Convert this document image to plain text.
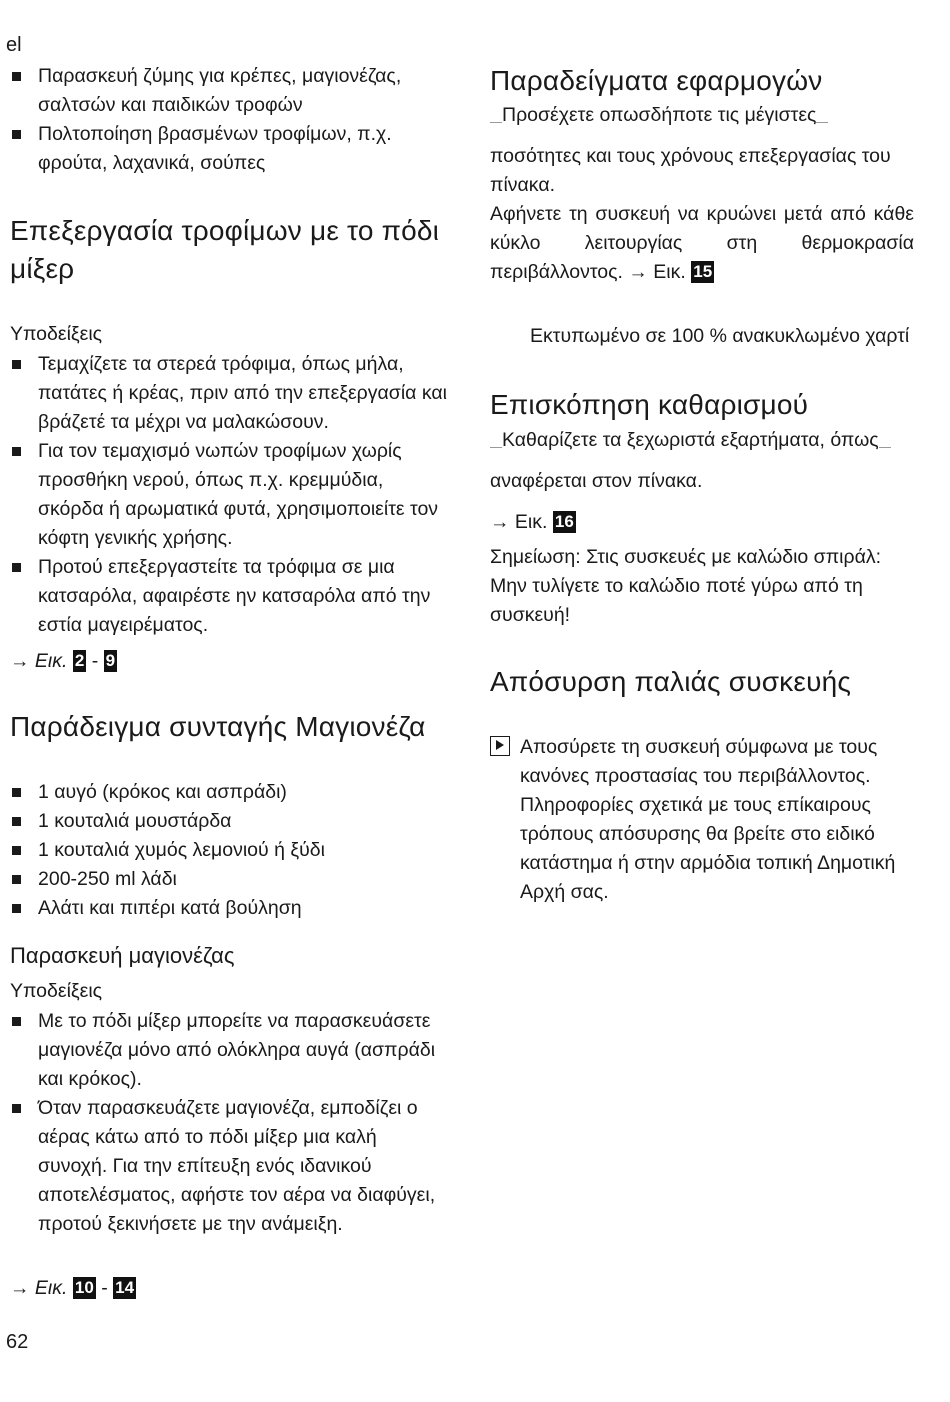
el
Παρασκευή ζύμης για κρέπες, μαγιονέζας, σαλτσών και παιδικών τροφών
Πολτοποίηση βρασμένων τροφίμων, π.χ. φρούτα, λαχανικά, σούπες
Επεξεργασία τροφίμων με το πόδι μίξερ
Υποδείξεις
Τεμαχίζετε τα στερεά τρόφιμα, όπως μήλα, πατάτες ή κρέας, πριν από την επεξεργασία και βράζετέ τα μέχρι να μαλακώσουν.
Για τον τεμαχισμό νωπών τροφίμων χωρίς προσθήκη νερού, όπως π.χ. κρεμμύδια, σκόρδα ή αρωματικά φυτά, χρησιμοποιείτε τον κόφτη γενικής χρήσης.
Προτού επεξεργαστείτε τα τρόφιμα σε μια κατσαρόλα, αφαιρέστε ην κατσαρόλα από την εστία μαγειρέματος.
→ Εικ. 2 - 9
Παράδειγμα συνταγής Μαγιονέζα
1 αυγό (κρόκος και ασπράδι)
1 κουταλιά μουστάρδα
1 κουταλιά χυμός λεμονιού ή ξύδι
200-250 ml λάδι
Αλάτι και πιπέρι κατά βούληση
Παρασκευή μαγιονέζας
Υποδείξεις
Με το πόδι μίξερ μπορείτε να παρασκευάσετε μαγιονέζα μόνο από ολόκληρα αυγά (ασπράδι και κρόκος).
Όταν παρασκευάζετε μαγιονέζα, εμποδίζει ο αέρας κάτω από το πόδι μίξερ μια καλή συνοχή. Για την επίτευξη ενός ιδανικού αποτελέσματος, αφήστε τον αέρα να διαφύγει, προτού ξεκινήσετε με την ανάμειξη.
→ Εικ. 10 - 14
62
Παραδείγματα εφαρμογών
Προσέχετε οπωσδήποτε τις μέγιστες
ποσότητες και τους χρόνους επεξεργασίας του πίνακα.
Αφήνετε τη συσκευή να κρυώνει μετά από κάθε κύκλο λειτουργίας στη θερμοκρασία περιβάλλοντος. → Εικ. 15
Εκτυπωμένο σε 100 % ανακυκλωμένο χαρτί
Επισκόπηση καθαρισμού
Καθαρίζετε τα ξεχωριστά εξαρτήματα, όπως
αναφέρεται στον πίνακα.
→ Εικ. 16
Σημείωση: Στις συσκευές με καλώδιο σπιράλ: Μην τυλίγετε το καλώδιο ποτέ γύρω από τη συσκευή!
Απόσυρση παλιάς συσκευής
Αποσύρετε τη συσκευή σύμφωνα με τους κανόνες προστασίας του περιβάλλοντος. Πληροφορίες σχετικά με τους επίκαιρους τρόπους απόσυρσης θα βρείτε στο ειδικό κατάστημα ή στην αρμόδια τοπική Δημοτική Αρχή σας.
